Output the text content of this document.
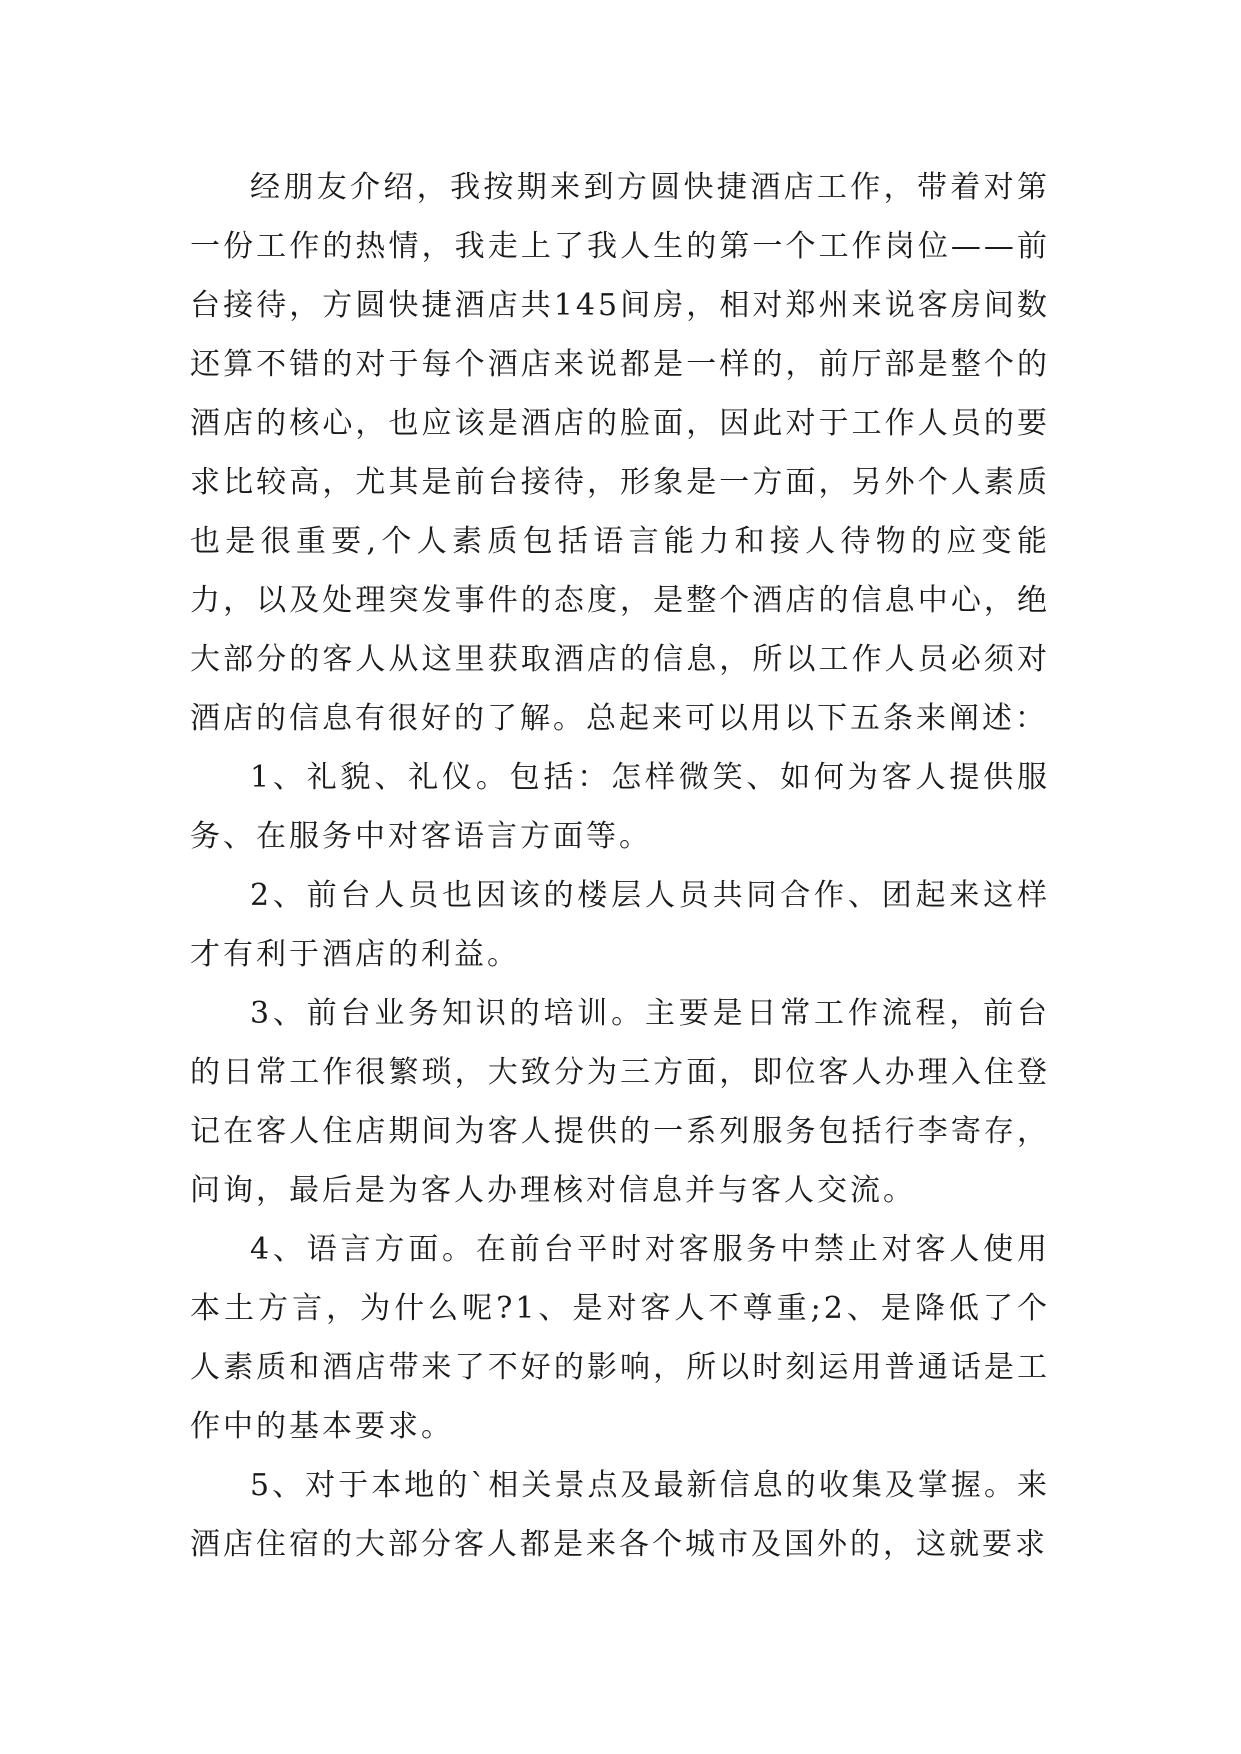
经朋友介绍，我按期来到方圆快捷酒店工作，带着对第一份工作的热情，我走上了我人生的第一个工作岗位——前台接待，方圆快捷酒店共145间房，相对郑州来说客房间数还算不错的对于每个酒店来说都是一样的，前厅部是整个的酒店的核心，也应该是酒店的脸面，因此对于工作人员的要求比较高，尤其是前台接待，形象是一方面，另外个人素质也是很重要,个人素质包括语言能力和接人待物的应变能力，以及处理突发事件的态度，是整个酒店的信息中心，绝大部分的客人从这里获取酒店的信息，所以工作人员必须对酒店的信息有很好的了解。总起来可以用以下五条来阐述：

1、礼貌、礼仪。包括：怎样微笑、如何为客人提供服务、在服务中对客语言方面等。

2、前台人员也因该的楼层人员共同合作、团起来这样才有利于酒店的利益。

3、前台业务知识的培训。主要是日常工作流程，前台的日常工作很繁琐，大致分为三方面，即位客人办理入住登记在客人住店期间为客人提供的一系列服务包括行李寄存，问询，最后是为客人办理核对信息并与客人交流。

4、语言方面。在前台平时对客服务中禁止对客人使用本土方言，为什么呢?1、是对客人不尊重;2、是降低了个人素质和酒店带来了不好的影响，所以时刻运用普通话是工作中的基本要求。

5、对于本地的`相关景点及最新信息的收集及掌握。来酒店住宿的大部分客人都是来各个城市及国外的，这就要求
